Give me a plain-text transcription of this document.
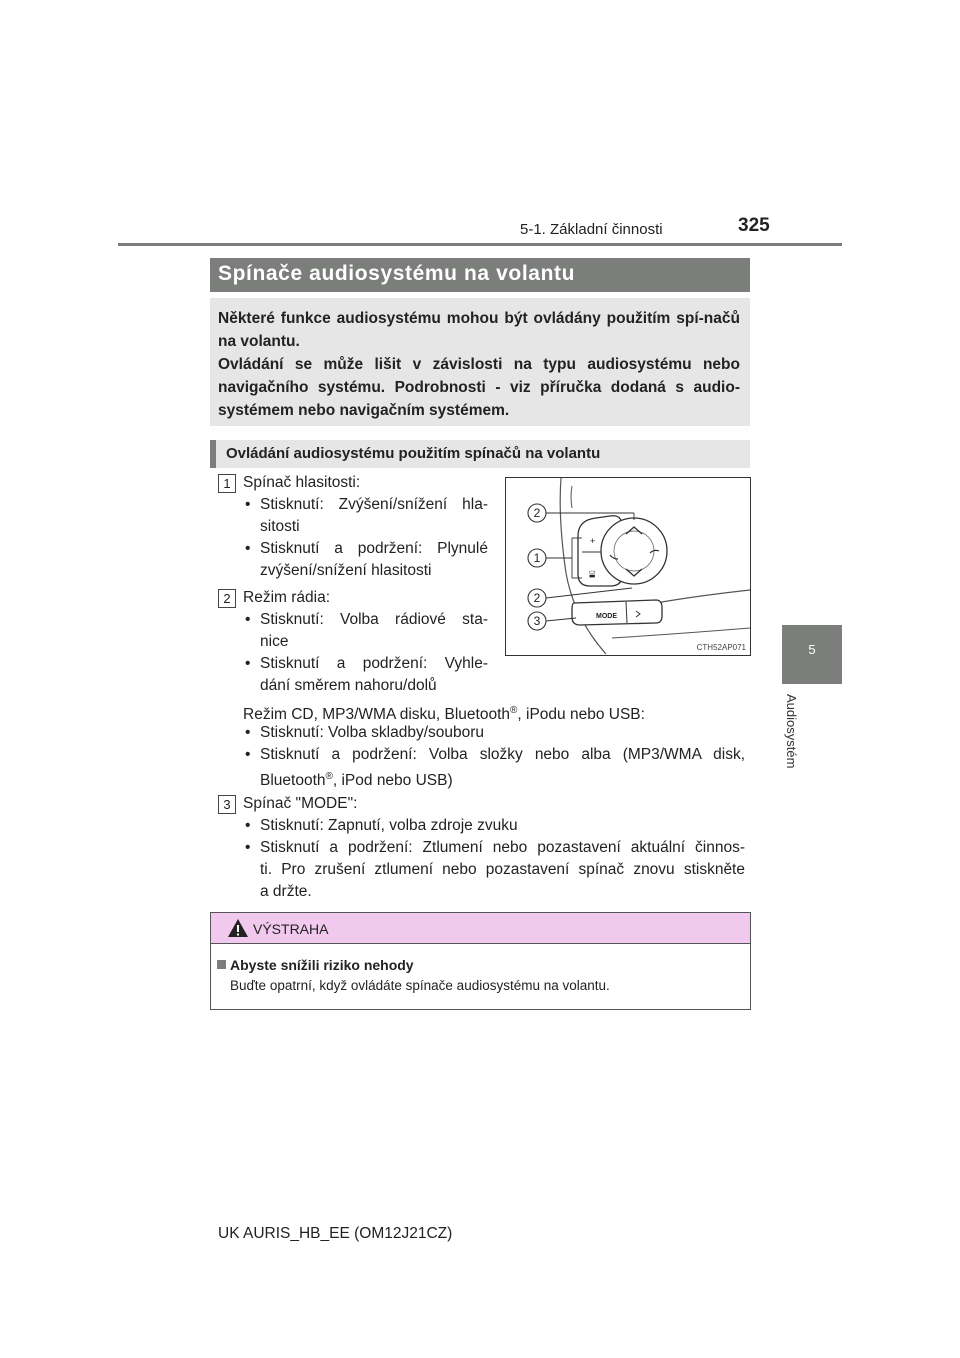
5-1. Základní činnosti	325
5
Audiosystém
Spínače audiosystému na volantu

Některé funkce audiosystému mohou být ovládány použitím spí-načů na volantu.

Ovládání se může lišit v závislosti na typu audiosystému nebo navigačního systému. Podrobnosti - viz příručka dodaná s audio-systémem nebo navigačním systémem.

Ovládání audiosystému použitím spínačů na volantu
1 Spínač hlasitosti:
• Stisknutí: Zvýšení/snížení hla-
sitosti
• Stisknutí a podržení: Plynulé
zvýšení/snížení hlasitosti
2 Režim rádia:
• Stisknutí: Volba rádiové sta-
nice
• Stisknutí a podržení: Vyhle-
dání směrem nahoru/dolů
Režim CD, MP3/WMA disku, Bluetooth®, iPodu nebo USB:
• Stisknutí: Volba skladby/souboru
• Stisknutí a podržení: Volba složky nebo alba (MP3/WMA disk,
Bluetooth®, iPod nebo USB)
3 Spínač "MODE":
• Stisknutí: Zapnutí, volba zdroje zvuku
• Stisknutí a podržení: Ztlumení nebo pozastavení aktuální činnos-
ti. Pro zrušení ztlumení nebo pozastavení spínač znovu stiskněte
a držte.
+
▮▯
MODE
2
1
2
3
CTH52AP071
VÝSTRAHA
Abyste snížili riziko nehody
Buďte opatrní, když ovládáte spínače audiosystému na volantu.
UK AURIS_HB_EE (OM12J21CZ)
